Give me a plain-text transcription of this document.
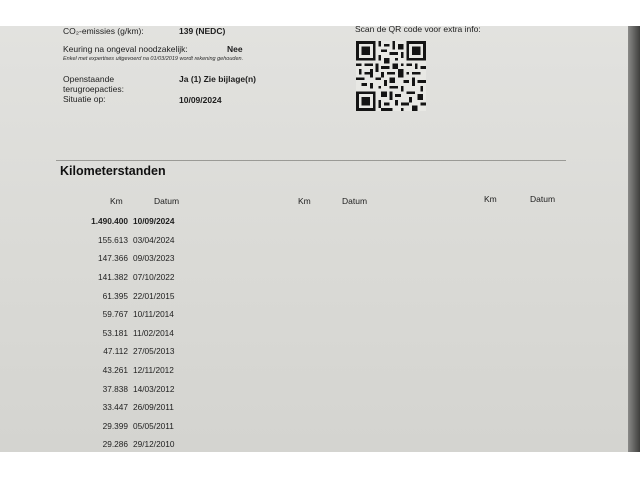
CO₂-emissies (g/km):	139 (NEDC)	Scan de QR code voor extra info:
Keuring na ongeval noodzakelijk:	Nee
Enkel met expertises uitgevoerd na 01/03/2019 wordt rekening gehouden.
Openstaande
terugroepacties:
Ja (1) Zie bijlage(n)
Situatie op:	10/09/2024
Kilometerstanden
Km	Datum	Km	Datum	Km	Datum
1.490.400	10/09/2024
155.613	03/04/2024
147.366	09/03/2023
141.382	07/10/2022
61.395	22/01/2015
59.767	10/11/2014
53.181	11/02/2014
47.112	27/05/2013
43.261	12/11/2012
37.838	14/03/2012
33.447	26/09/2011
29.399	05/05/2011
29.286	29/12/2010
